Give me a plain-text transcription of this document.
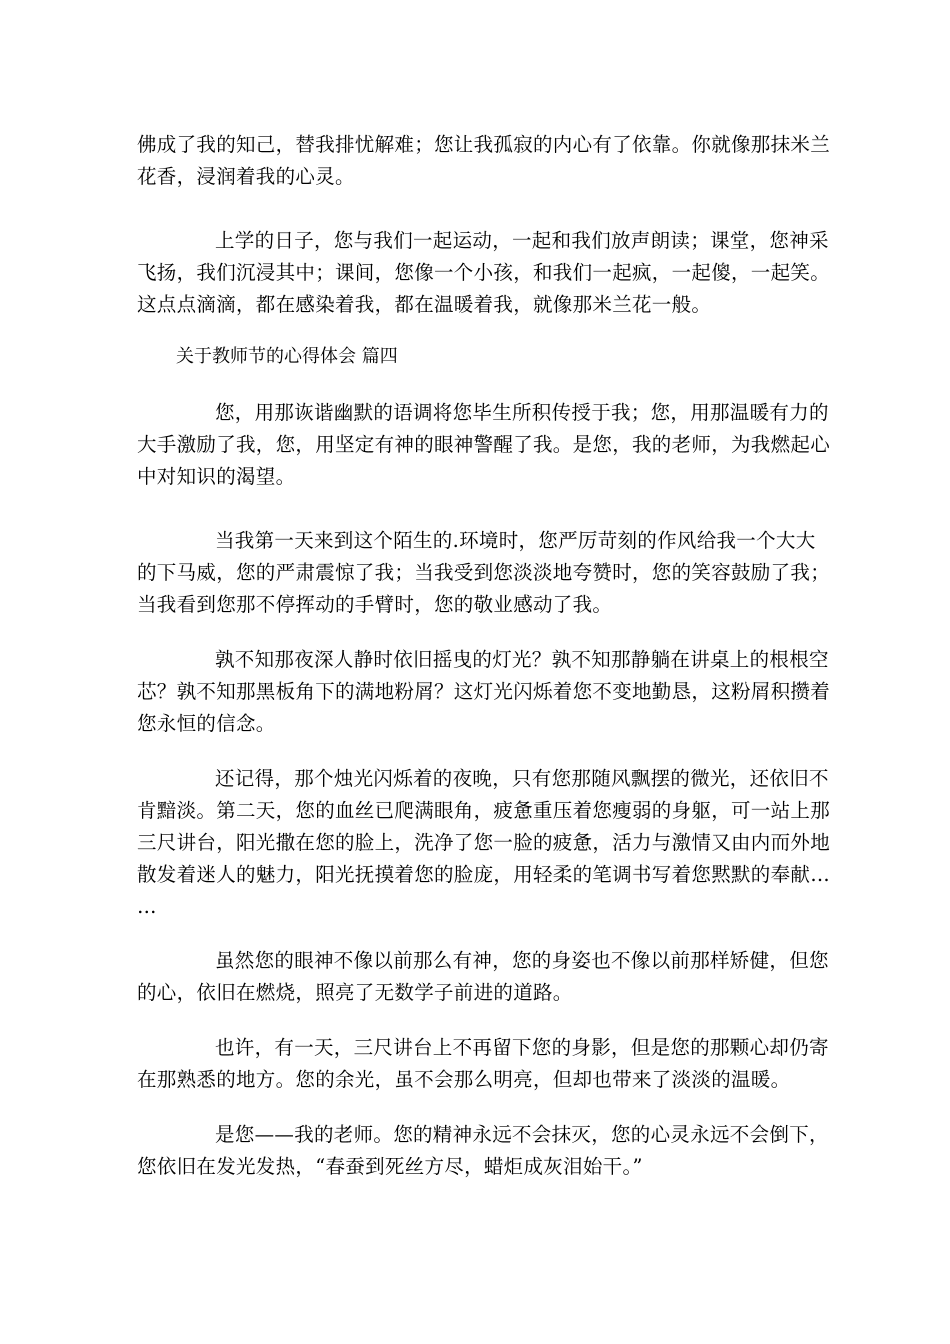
佛成了我的知己，替我排忧解难；您让我孤寂的内心有了依靠。你就像那抹米兰
花香，浸润着我的心灵。
上学的日子，您与我们一起运动，一起和我们放声朗读；课堂，您神采
飞扬，我们沉浸其中；课间，您像一个小孩，和我们一起疯，一起傻，一起笑。
这点点滴滴，都在感染着我，都在温暖着我，就像那米兰花一般。
关于教师节的心得体会 篇四
您，用那诙谐幽默的语调将您毕生所积传授于我；您，用那温暖有力的
大手激励了我，您，用坚定有神的眼神警醒了我。是您，我的老师，为我燃起心
中对知识的渴望。
当我第一天来到这个陌生的.环境时，您严厉苛刻的作风给我一个大大
的下马威，您的严肃震惊了我；当我受到您淡淡地夸赞时，您的笑容鼓励了我；
当我看到您那不停挥动的手臂时，您的敬业感动了我。
孰不知那夜深人静时依旧摇曳的灯光？孰不知那静躺在讲桌上的根根空
芯？孰不知那黑板角下的满地粉屑？这灯光闪烁着您不变地勤恳，这粉屑积攒着
您永恒的信念。
还记得，那个烛光闪烁着的夜晚，只有您那随风飘摆的微光，还依旧不
肯黯淡。第二天，您的血丝已爬满眼角，疲惫重压着您瘦弱的身躯，可一站上那
三尺讲台，阳光撒在您的脸上，洗净了您一脸的疲惫，活力与激情又由内而外地
散发着迷人的魅力，阳光抚摸着您的脸庞，用轻柔的笔调书写着您黙默的奉献…
…
虽然您的眼神不像以前那么有神，您的身姿也不像以前那样矫健，但您
的心，依旧在燃烧，照亮了无数学子前进的道路。
也许，有一天，三尺讲台上不再留下您的身影，但是您的那颗心却仍寄
在那熟悉的地方。您的余光，虽不会那么明亮，但却也带来了淡淡的温暖。
是您——我的老师。您的精神永远不会抹灭，您的心灵永远不会倒下，
您依旧在发光发热，“春蚕到死丝方尽，蜡炬成灰泪始干。”
